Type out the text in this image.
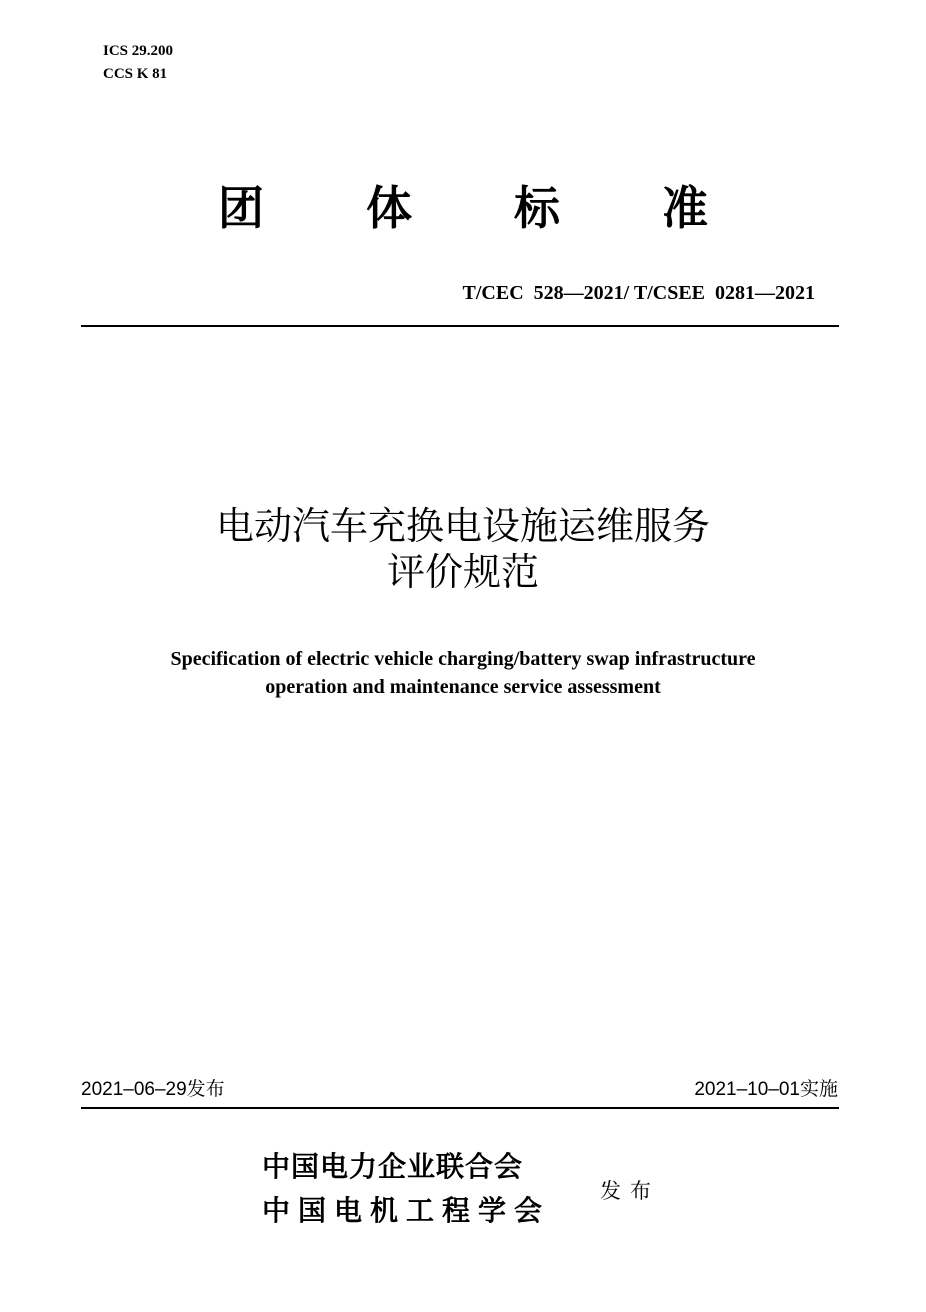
ICS 29.200
CCS K 81
团	体	标	准
T/CEC  528—2021/ T/CSEE  0281—2021
电动汽车充换电设施运维服务
评价规范
Specification of electric vehicle charging/battery swap infrastructure
operation and maintenance service assessment
2021–06–29发布	2021–10–01实施
中国电力企业联合会
中国电机工程学会
发布
